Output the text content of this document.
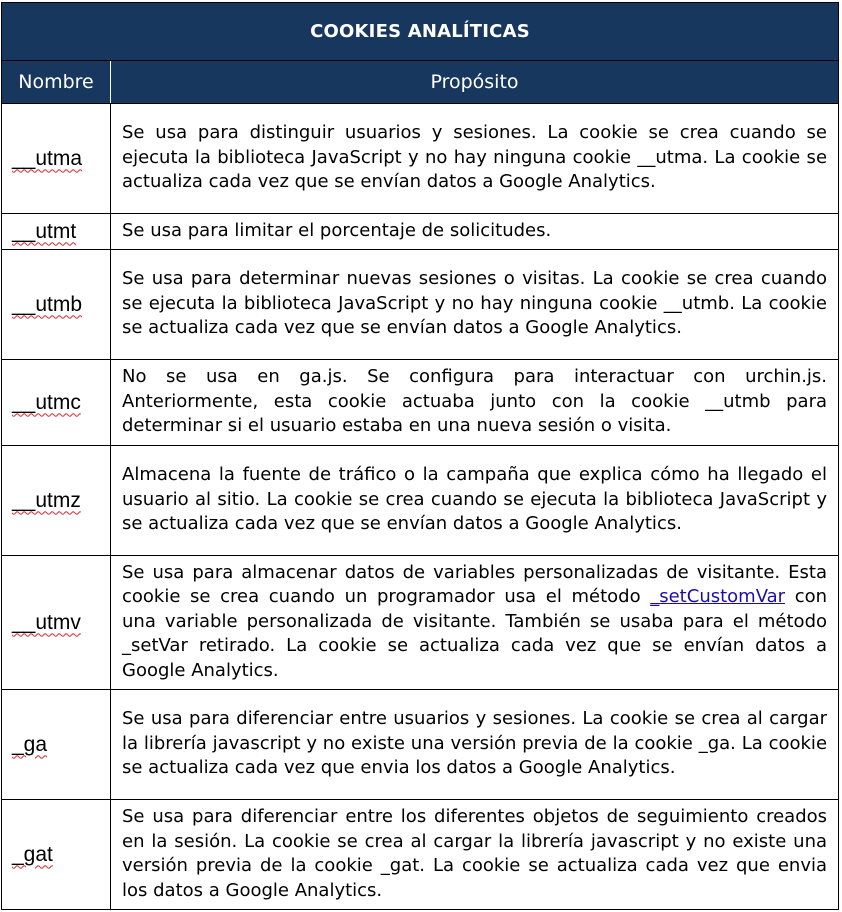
COOKIES ANALÍTICAS	
Nombre	Propósito
__utma	Se usa para distinguir usuarios y sesiones. La cookie se crea cuando se ejecuta la biblioteca JavaScript y no hay ninguna cookie __utma. La cookie se actualiza cada vez que se envían datos a Google Analytics.
__utmt	Se usa para limitar el porcentaje de solicitudes.
__utmb	Se usa para determinar nuevas sesiones o visitas. La cookie se crea cuando se ejecuta la biblioteca JavaScript y no hay ninguna cookie __utmb. La cookie se actualiza cada vez que se envían datos a Google Analytics.
__utmc	No se usa en ga.js. Se configura para interactuar con urchin.js. Anteriormente, esta cookie actuaba junto con la cookie __utmb para determinar si el usuario estaba en una nueva sesión o visita.
__utmz	Almacena la fuente de tráfico o la campaña que explica cómo ha llegado el usuario al sitio. La cookie se crea cuando se ejecuta la biblioteca JavaScript y se actualiza cada vez que se envían datos a Google Analytics.
__utmv	Se usa para almacenar datos de variables personalizadas de visitante. Esta cookie se crea cuando un programador usa el método _setCustomVar con una variable personalizada de visitante. También se usaba para el método _setVar retirado. La cookie se actualiza cada vez que se envían datos a Google Analytics.
_ga	Se usa para diferenciar entre usuarios y sesiones. La cookie se crea al cargar la librería javascript y no existe una versión previa de la cookie _ga. La cookie se actualiza cada vez que envia los datos a Google Analytics.
_gat	Se usa para diferenciar entre los diferentes objetos de seguimiento creados en la sesión. La cookie se crea al cargar la librería javascript y no existe una versión previa de la cookie _gat. La cookie se actualiza cada vez que envia los datos a Google Analytics.
